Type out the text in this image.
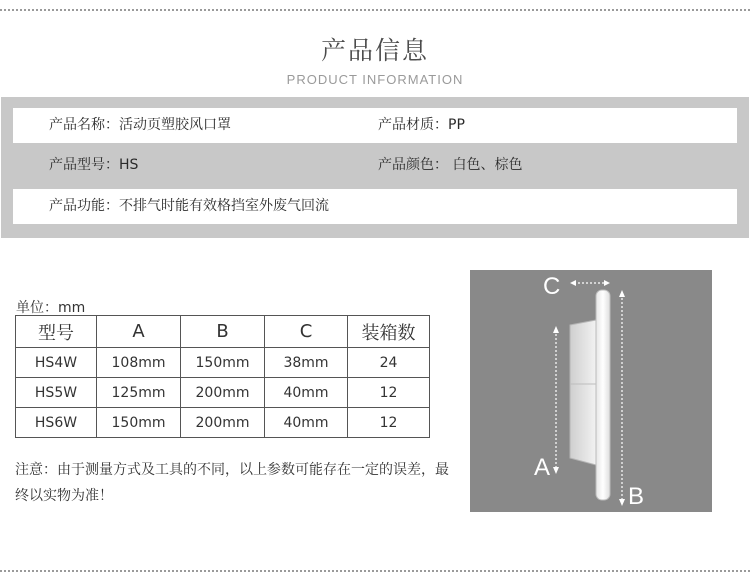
产品信息
PRODUCT INFORMATION
产品名称：活动页塑胶风口罩	产品材质：PP
产品型号：HS	产品颜色： 白色、棕色
产品功能：不排气时能有效格挡室外废气回流
单位：mm
型号	A	B	C	装箱数
HS4W	108mm	150mm	38mm	24
HS5W	125mm	200mm	40mm	12
HS6W	150mm	200mm	40mm	12
注意：由于测量方式及工具的不同，以上参数可能存在一定的误差，最终以实物为准！
C
A
B
